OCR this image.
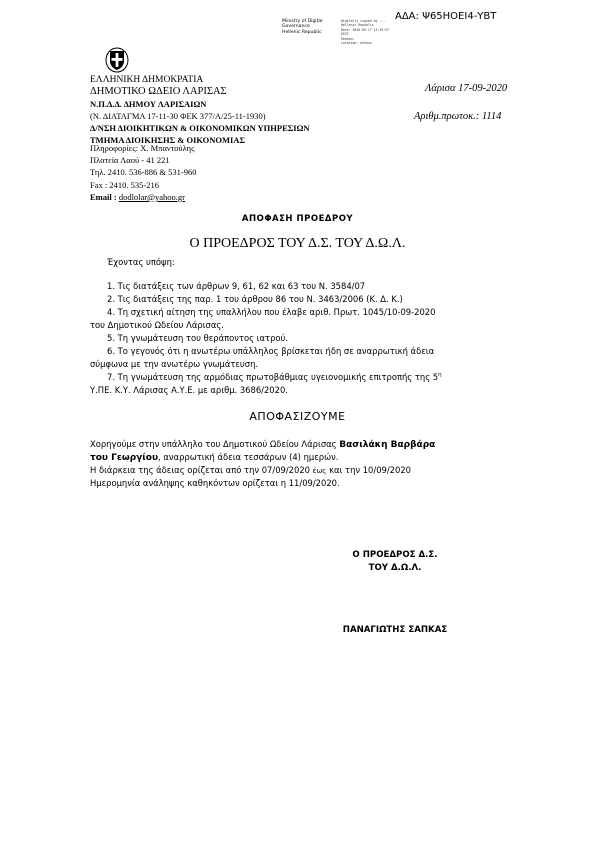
ΑΔΑ: Ψ65ΗΟΕΙ4-ΥΒΤ
Ministry of Digital
Governance
Hellenic Republic
Digitally signed by ...
Hellenic Republic
Date: 2020.09.17 13:15:37
EEST
Reason:
Location: Athens
ΕΛΛΗΝΙΚΗ ΔΗΜΟΚΡΑΤΙΑ
ΔΗΜΟΤΙΚΟ ΩΔΕΙΟ ΛΑΡΙΣΑΣ
Ν.Π.Δ.Δ. ΔΗΜΟΥ ΛΑΡΙΣΑΙΩΝ
(Ν. ΔΙΑΤΑΓΜΑ 17-11-30 ΦΕΚ 377/Α/25-11-1930)
Δ/ΝΣΗ ΔΙΟΙΚΗΤΙΚΩΝ & ΟΙΚΟΝΟΜΙΚΩΝ ΥΠΗΡΕΣΙΩΝ
ΤΜΗΜΑ ΔΙΟΙΚΗΣΗΣ & ΟΙΚΟΝΟΜΙΑΣ
Λάρισα 17-09-2020
Αριθμ.πρωτοκ.: 1114
Πληροφορίες: Χ. Μπαντούλης
Πλατεία Λαού - 41 221
Τηλ. 2410. 536-886 & 531-960
Fax : 2410. 535-216
Email : dodlolar@yahoo.gr
ΑΠΟΦΑΣΗ ΠΡΟΕΔΡΟΥ
Ο ΠΡΟΕΔΡΟΣ ΤΟΥ Δ.Σ. ΤΟΥ Δ.Ω.Λ.
Έχοντας υπόψη:
1. Τις διατάξεις των άρθρων 9, 61, 62 και 63 του Ν. 3584/07
2. Τις διατάξεις της παρ. 1 του άρθρου 86 του Ν. 3463/2006 (Κ. Δ. Κ.)
4. Τη σχετική αίτηση της υπαλλήλου που έλαβε αριθ. Πρωτ. 1045/10-09-2020
του Δημοτικού Ωδείου Λάρισας.
5. Τη γνωμάτευση του θεράποντος ιατρού.
6. Το γεγονός ότι η ανωτέρω υπάλληλος βρίσκεται ήδη σε αναρρωτική άδεια
σύμφωνα με την ανωτέρω γνωμάτευση.
7. Τη γνωμάτευση της αρμόδιας πρωτοβάθμιας υγειονομικής επιτροπής της $5^\eta$
Υ.ΠΕ. Κ.Υ. Λάρισας Α.Υ.Ε. με αριθμ. 3686/2020.
ΑΠΟΦΑΣΙΖΟΥΜΕ
Χορηγούμε στην υπάλληλο του Δημοτικού Ωδείου Λάρισας Βασιλάκη Βαρβάρα
του Γεωργίου, αναρρωτική άδεια τεσσάρων (4) ημερών.
Η διάρκεια της άδειας ορίζεται από την 07/09/2020 έως και την 10/09/2020
Ημερομηνία ανάληψης καθηκόντων ορίζεται η 11/09/2020.
Ο ΠΡΟΕΔΡΟΣ Δ.Σ.
ΤΟΥ Δ.Ω.Λ.
ΠΑΝΑΓΙΩΤΗΣ ΣΑΠΚΑΣ
